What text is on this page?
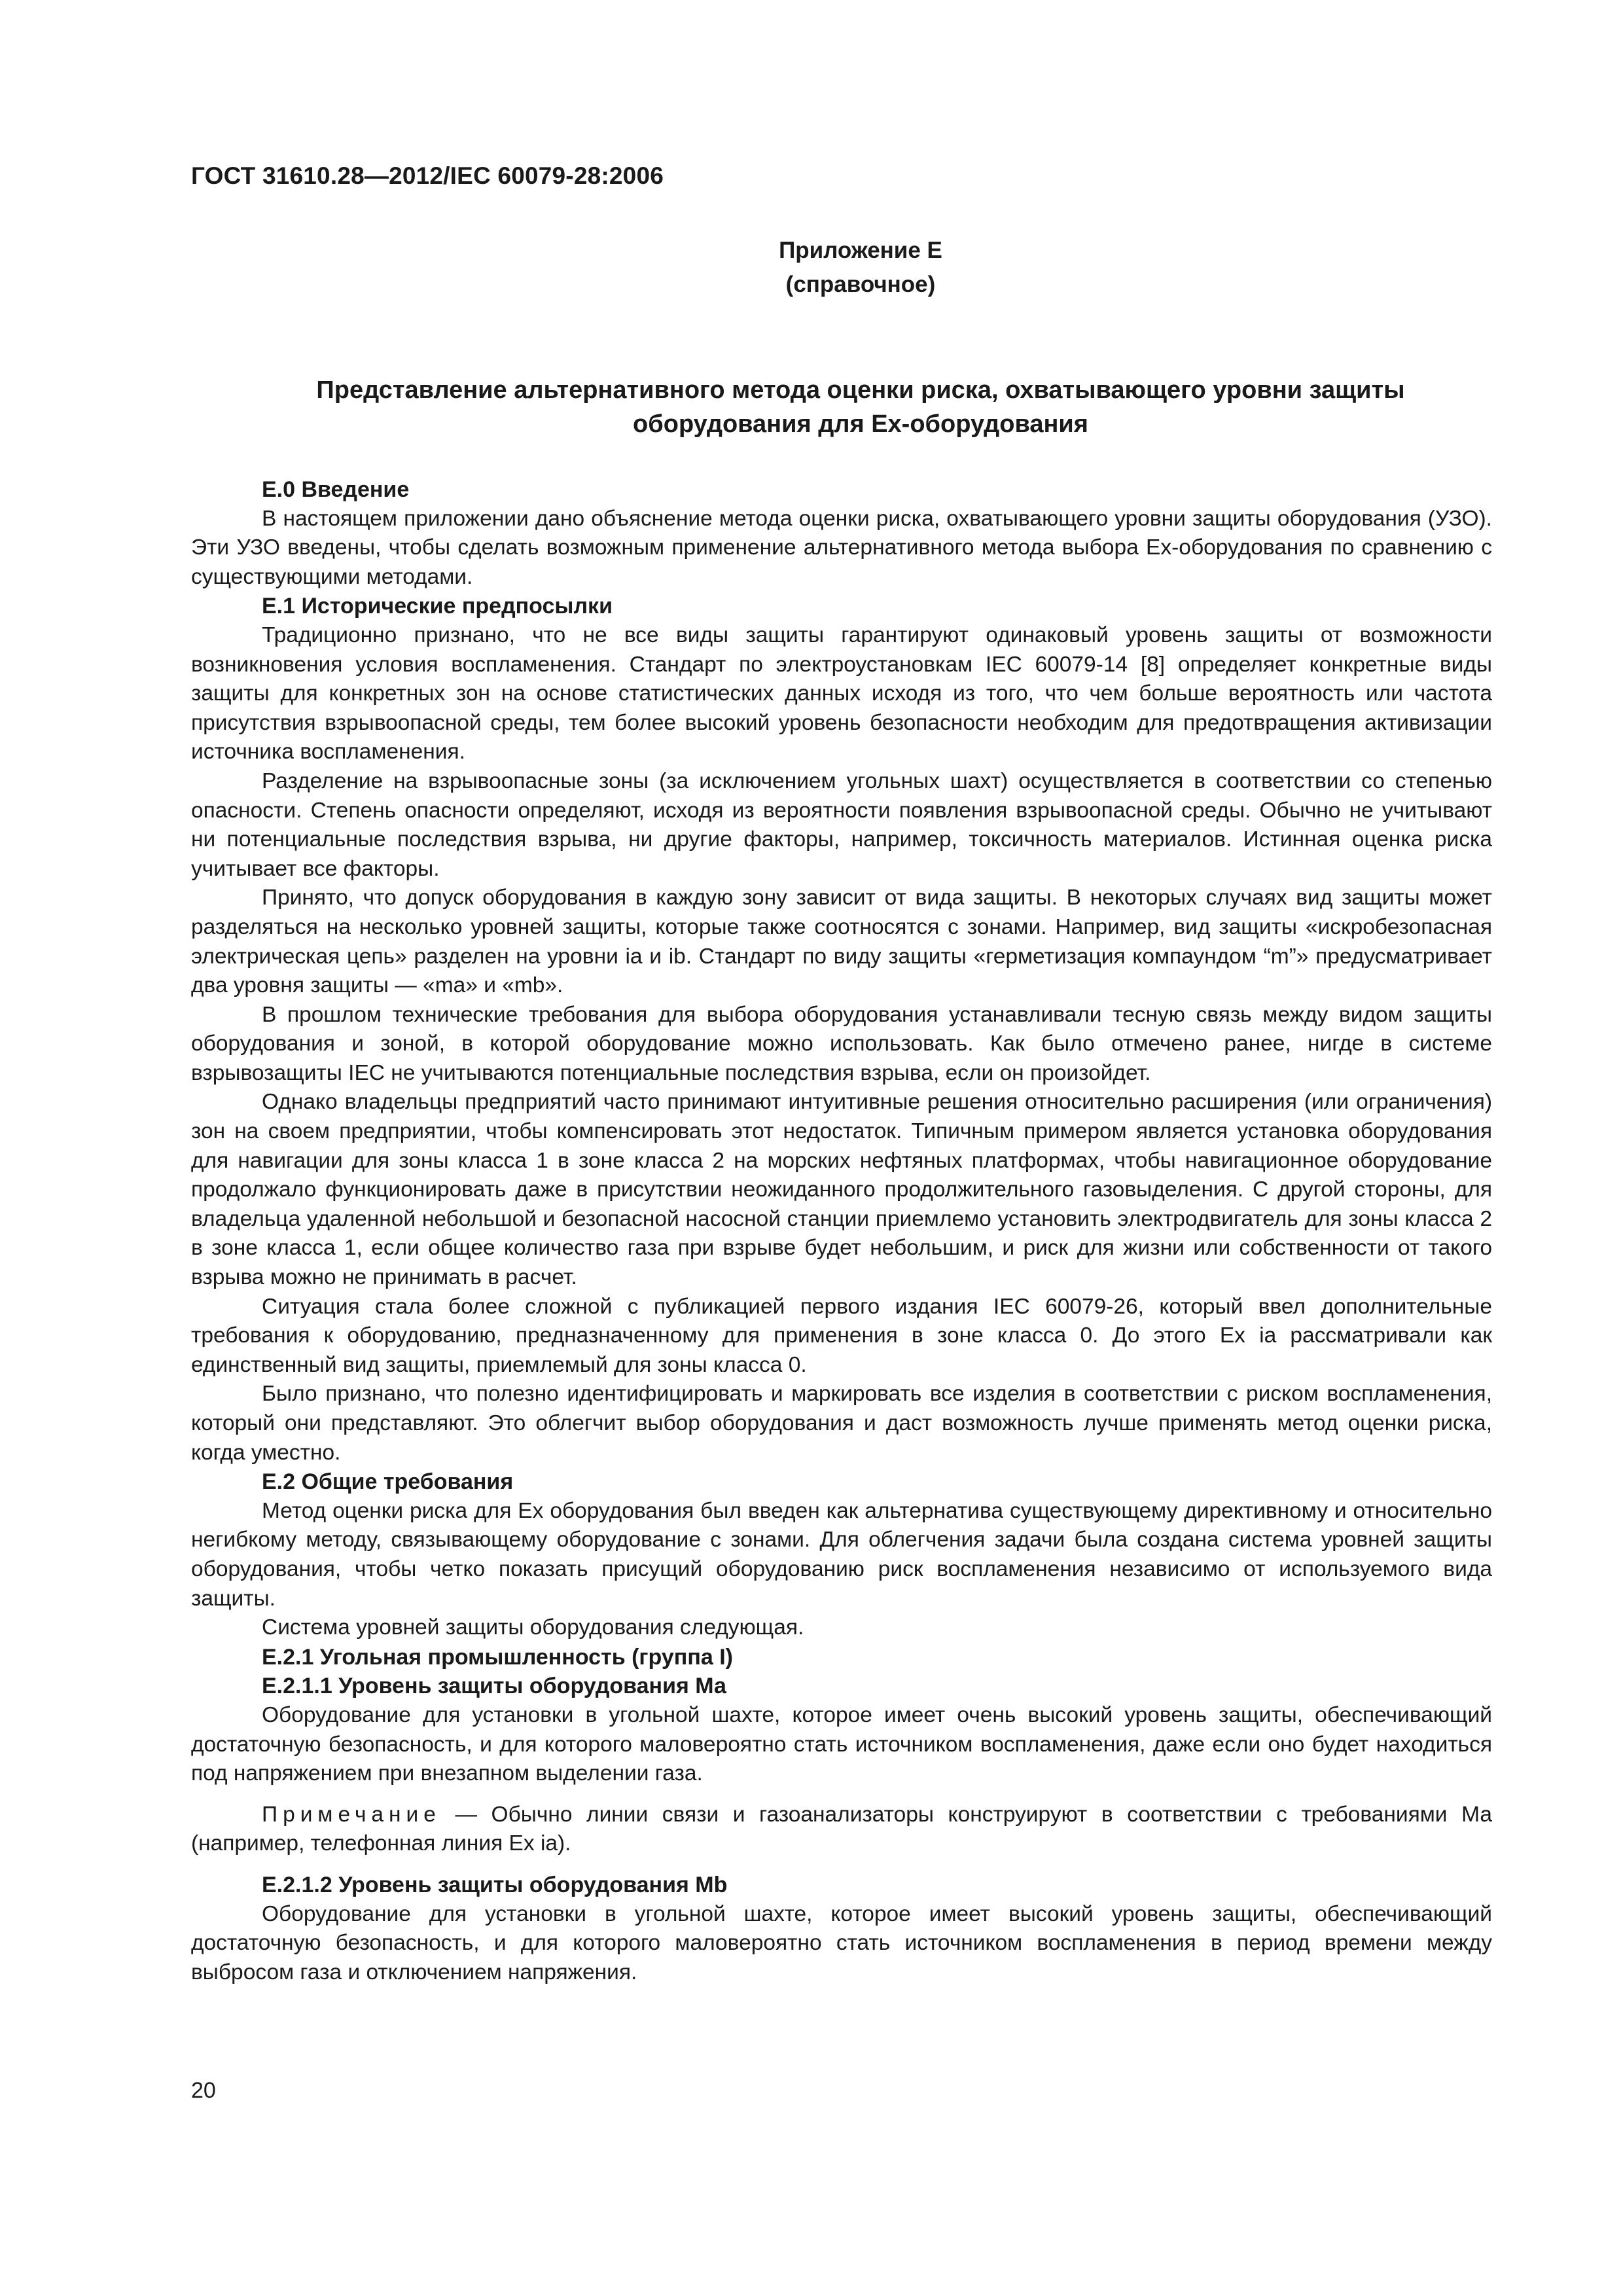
ГОСТ 31610.28—2012/IEC 60079-28:2006
Приложение Е
(справочное)
Представление альтернативного метода оценки риска, охватывающего уровни защиты
оборудования для Ех-оборудования
Е.0 Введение

В настоящем приложении дано объяснение метода оценки риска, охватывающего уровни защиты оборудования (УЗО). Эти УЗО введены, чтобы сделать возможным применение альтернативного метода выбора Ех-оборудования по сравнению с существующими методами.

Е.1 Исторические предпосылки

Традиционно признано, что не все виды защиты гарантируют одинаковый уровень защиты от возможности возникновения условия воспламенения. Стандарт по электроустановкам IEC 60079-14 [8] определяет конкретные виды защиты для конкретных зон на основе статистических данных исходя из того, что чем больше вероятность или частота присутствия взрывоопасной среды, тем более высокий уровень безопасности необходим для предотвращения активизации источника воспламенения.

Разделение на взрывоопасные зоны (за исключением угольных шахт) осуществляется в соответствии со степенью опасности. Степень опасности определяют, исходя из вероятности появления взрывоопасной среды. Обычно не учитывают ни потенциальные последствия взрыва, ни другие факторы, например, токсичность материалов. Истинная оценка риска учитывает все факторы.

Принято, что допуск оборудования в каждую зону зависит от вида защиты. В некоторых случаях вид защиты может разделяться на несколько уровней защиты, которые также соотносятся с зонами. Например, вид защиты «искробезопасная электрическая цепь» разделен на уровни ia и ib. Стандарт по виду защиты «герметизация компаундом “m”» предусматривает два уровня защиты — «ma» и «mb».

В прошлом технические требования для выбора оборудования устанавливали тесную связь между видом защиты оборудования и зоной, в которой оборудование можно использовать. Как было отмечено ранее, нигде в системе взрывозащиты IEC не учитываются потенциальные последствия взрыва, если он произойдет.

Однако владельцы предприятий часто принимают интуитивные решения относительно расширения (или ограничения) зон на своем предприятии, чтобы компенсировать этот недостаток. Типичным примером является установка оборудования для навигации для зоны класса 1 в зоне класса 2 на морских нефтяных платформах, чтобы навигационное оборудование продолжало функционировать даже в присутствии неожиданного продолжительного газовыделения. С другой стороны, для владельца удаленной небольшой и безопасной насосной станции приемлемо установить электродвигатель для зоны класса 2 в зоне класса 1, если общее количество газа при взрыве будет небольшим, и риск для жизни или собственности от такого взрыва можно не принимать в расчет.

Ситуация стала более сложной с публикацией первого издания IEC 60079-26, который ввел дополнительные требования к оборудованию, предназначенному для применения в зоне класса 0. До этого Ex ia рассматривали как единственный вид защиты, приемлемый для зоны класса 0.

Было признано, что полезно идентифицировать и маркировать все изделия в соответствии с риском воспламенения, который они представляют. Это облегчит выбор оборудования и даст возможность лучше применять метод оценки риска, когда уместно.

Е.2 Общие требования

Метод оценки риска для Ех оборудования был введен как альтернатива существующему директивному и относительно негибкому методу, связывающему оборудование с зонами. Для облегчения задачи была создана система уровней защиты оборудования, чтобы четко показать присущий оборудованию риск воспламенения независимо от используемого вида защиты.

Система уровней защиты оборудования следующая.

Е.2.1 Угольная промышленность (группа I)
Е.2.1.1 Уровень защиты оборудования Ма

Оборудование для установки в угольной шахте, которое имеет очень высокий уровень защиты, обеспечивающий достаточную безопасность, и для которого маловероятно стать источником воспламенения, даже если оно будет находиться под напряжением при внезапном выделении газа.

Примечание — Обычно линии связи и газоанализаторы конструируют в соответствии с требованиями Ма (например, телефонная линия Ex ia).

Е.2.1.2 Уровень защиты оборудования Mb

Оборудование для установки в угольной шахте, которое имеет высокий уровень защиты, обеспечивающий достаточную безопасность, и для которого маловероятно стать источником воспламенения в период времени между выбросом газа и отключением напряжения.

20
